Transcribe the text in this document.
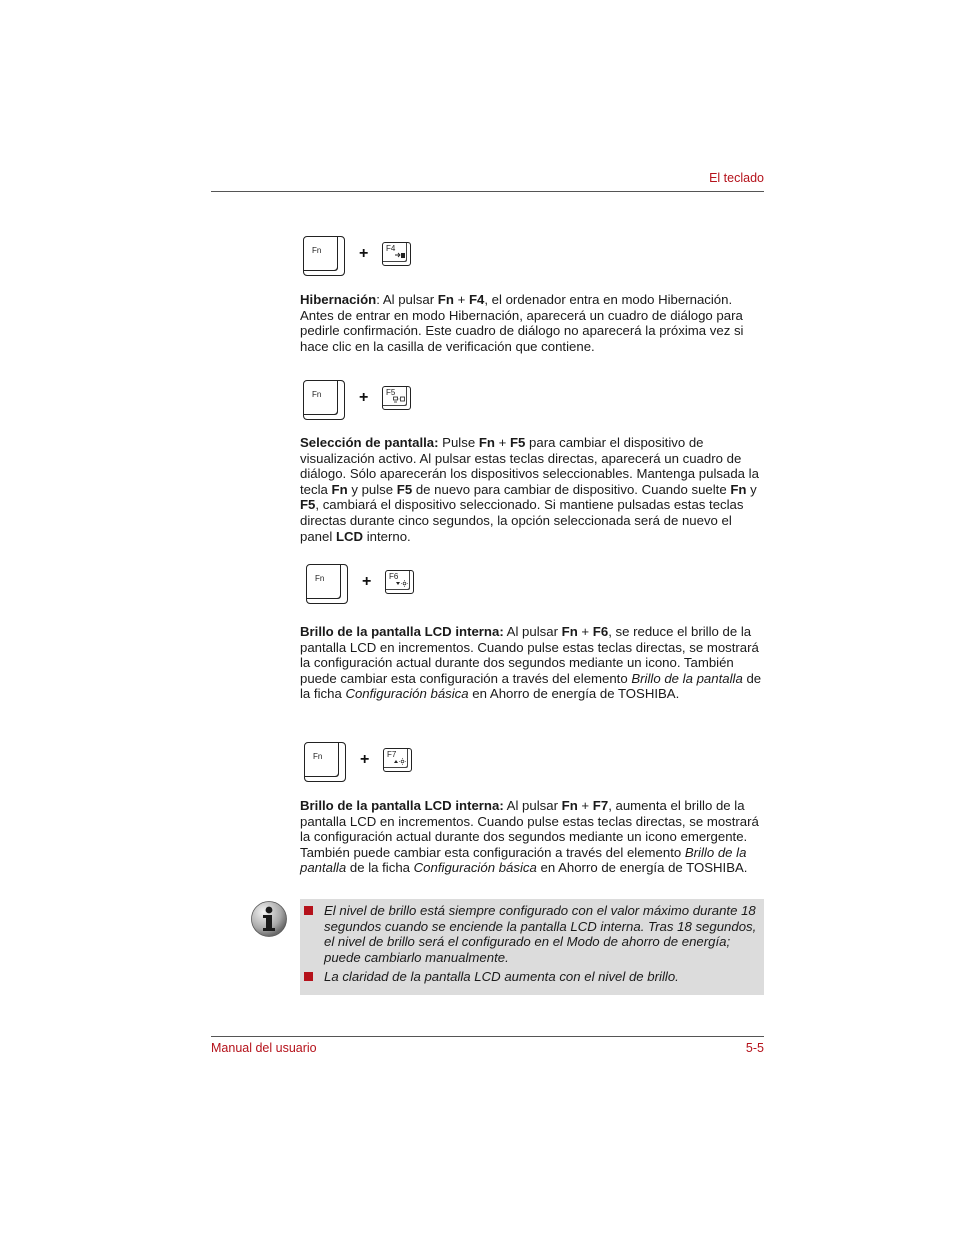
El teclado
Fn + F4
Hibernación: Al pulsar Fn + F4, el ordenador entra en modo Hibernación. Antes de entrar en modo Hibernación, aparecerá un cuadro de diálogo para pedirle confirmación. Este cuadro de diálogo no aparecerá la próxima vez si hace clic en la casilla de verificación que contiene.
Fn + F5
Selección de pantalla: Pulse Fn + F5 para cambiar el dispositivo de visualización activo. Al pulsar estas teclas directas, aparecerá un cuadro de diálogo. Sólo aparecerán los dispositivos seleccionables. Mantenga pulsada la tecla Fn y pulse F5 de nuevo para cambiar de dispositivo. Cuando suelte Fn y F5, cambiará el dispositivo seleccionado. Si mantiene pulsadas estas teclas directas durante cinco segundos, la opción seleccionada será de nuevo el panel LCD interno.
Fn + F6
Brillo de la pantalla LCD interna: Al pulsar Fn + F6, se reduce el brillo de la pantalla LCD en incrementos. Cuando pulse estas teclas directas, se mostrará la configuración actual durante dos segundos mediante un icono. También puede cambiar esta configuración a través del elemento Brillo de la pantalla de la ficha Configuración básica en Ahorro de energía de TOSHIBA.
Fn + F7
Brillo de la pantalla LCD interna: Al pulsar Fn + F7, aumenta el brillo de la pantalla LCD en incrementos. Cuando pulse estas teclas directas, se mostrará la configuración actual durante dos segundos mediante un icono emergente. También puede cambiar esta configuración a través del elemento Brillo de la pantalla de la ficha Configuración básica en Ahorro de energía de TOSHIBA.
El nivel de brillo está siempre configurado con el valor máximo durante 18 segundos cuando se enciende la pantalla LCD interna. Tras 18 segundos, el nivel de brillo será el configurado en el Modo de ahorro de energía; puede cambiarlo manualmente.
La claridad de la pantalla LCD aumenta con el nivel de brillo.
Manual del usuario	5-5
